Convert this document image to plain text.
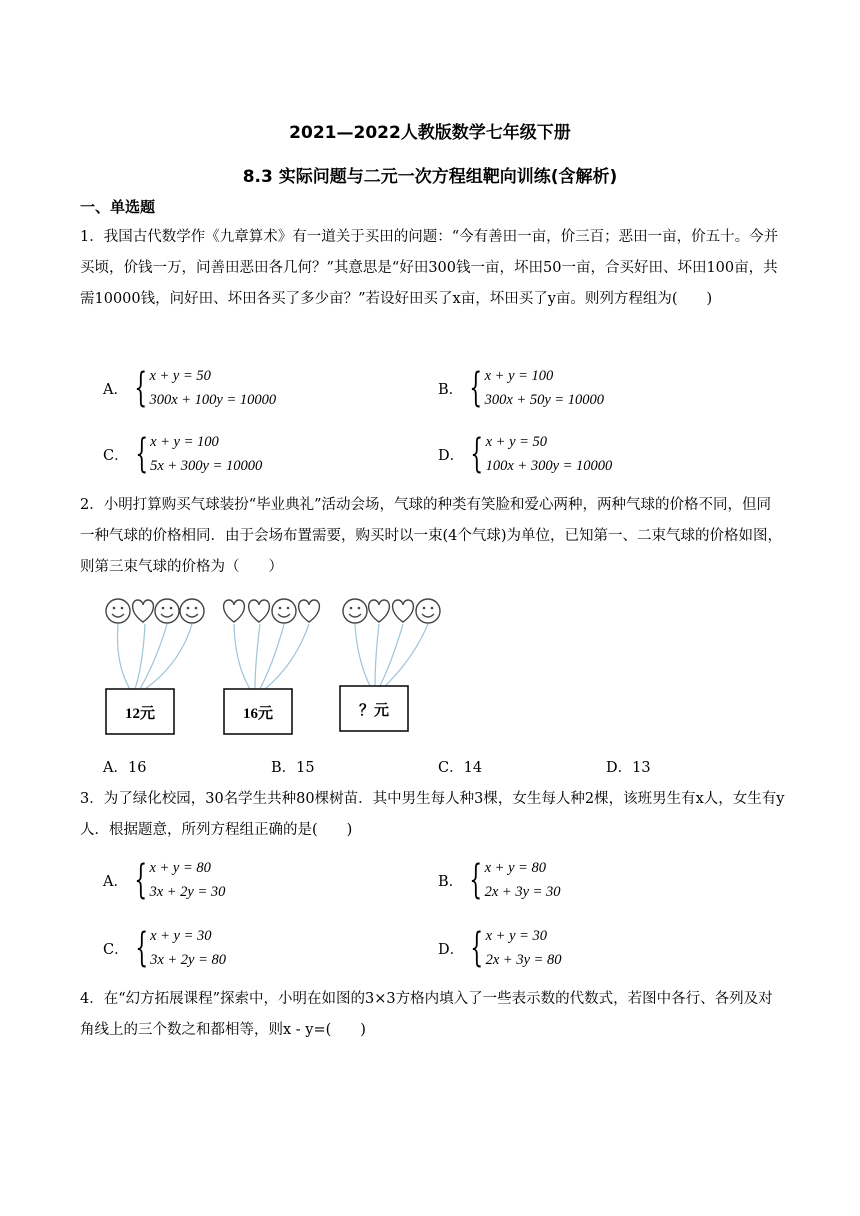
2021—2022人教版数学七年级下册
8.3 实际问题与二元一次方程组靶向训练(含解析)
一、单选题
1．我国古代数学作《九章算术》有一道关于买田的问题：“今有善田一亩，价三百；恶田一亩，价五十。今并买顷，价钱一万，问善田恶田各几何？”其意思是“好田300钱一亩，坏田50一亩，合买好田、坏田100亩，共需10000钱，问好田、坏田各买了多少亩？”若设好田买了x亩，坏田买了y亩。则列方程组为(　　)
A． { x + y = 50
300x + 100y = 10000
B． { x + y = 100
300x + 50y = 10000
C． { x + y = 100
5x + 300y = 10000
D． { x + y = 50
100x + 300y = 10000
2．小明打算购买气球装扮“毕业典礼”活动会场，气球的种类有笑脸和爱心两种，两种气球的价格不同，但同一种气球的价格相同．由于会场布置需要，购买时以一束(4个气球)为单位，已知第一、二束气球的价格如图，则第三束气球的价格为（　　）
12元	16元	？元
A．16	B．15	C．14	D．13
3．为了绿化校园，30名学生共种80棵树苗．其中男生每人种3棵，女生每人种2棵，该班男生有x人，女生有y人．根据题意，所列方程组正确的是(　　)
A． { x + y = 80
3x + 2y = 30
B． { x + y = 80
2x + 3y = 30
C． { x + y = 30
3x + 2y = 80
D． { x + y = 30
2x + 3y = 80
4．在“幻方拓展课程”探索中，小明在如图的3×3方格内填入了一些表示数的代数式，若图中各行、各列及对角线上的三个数之和都相等，则x - y=(　　)
